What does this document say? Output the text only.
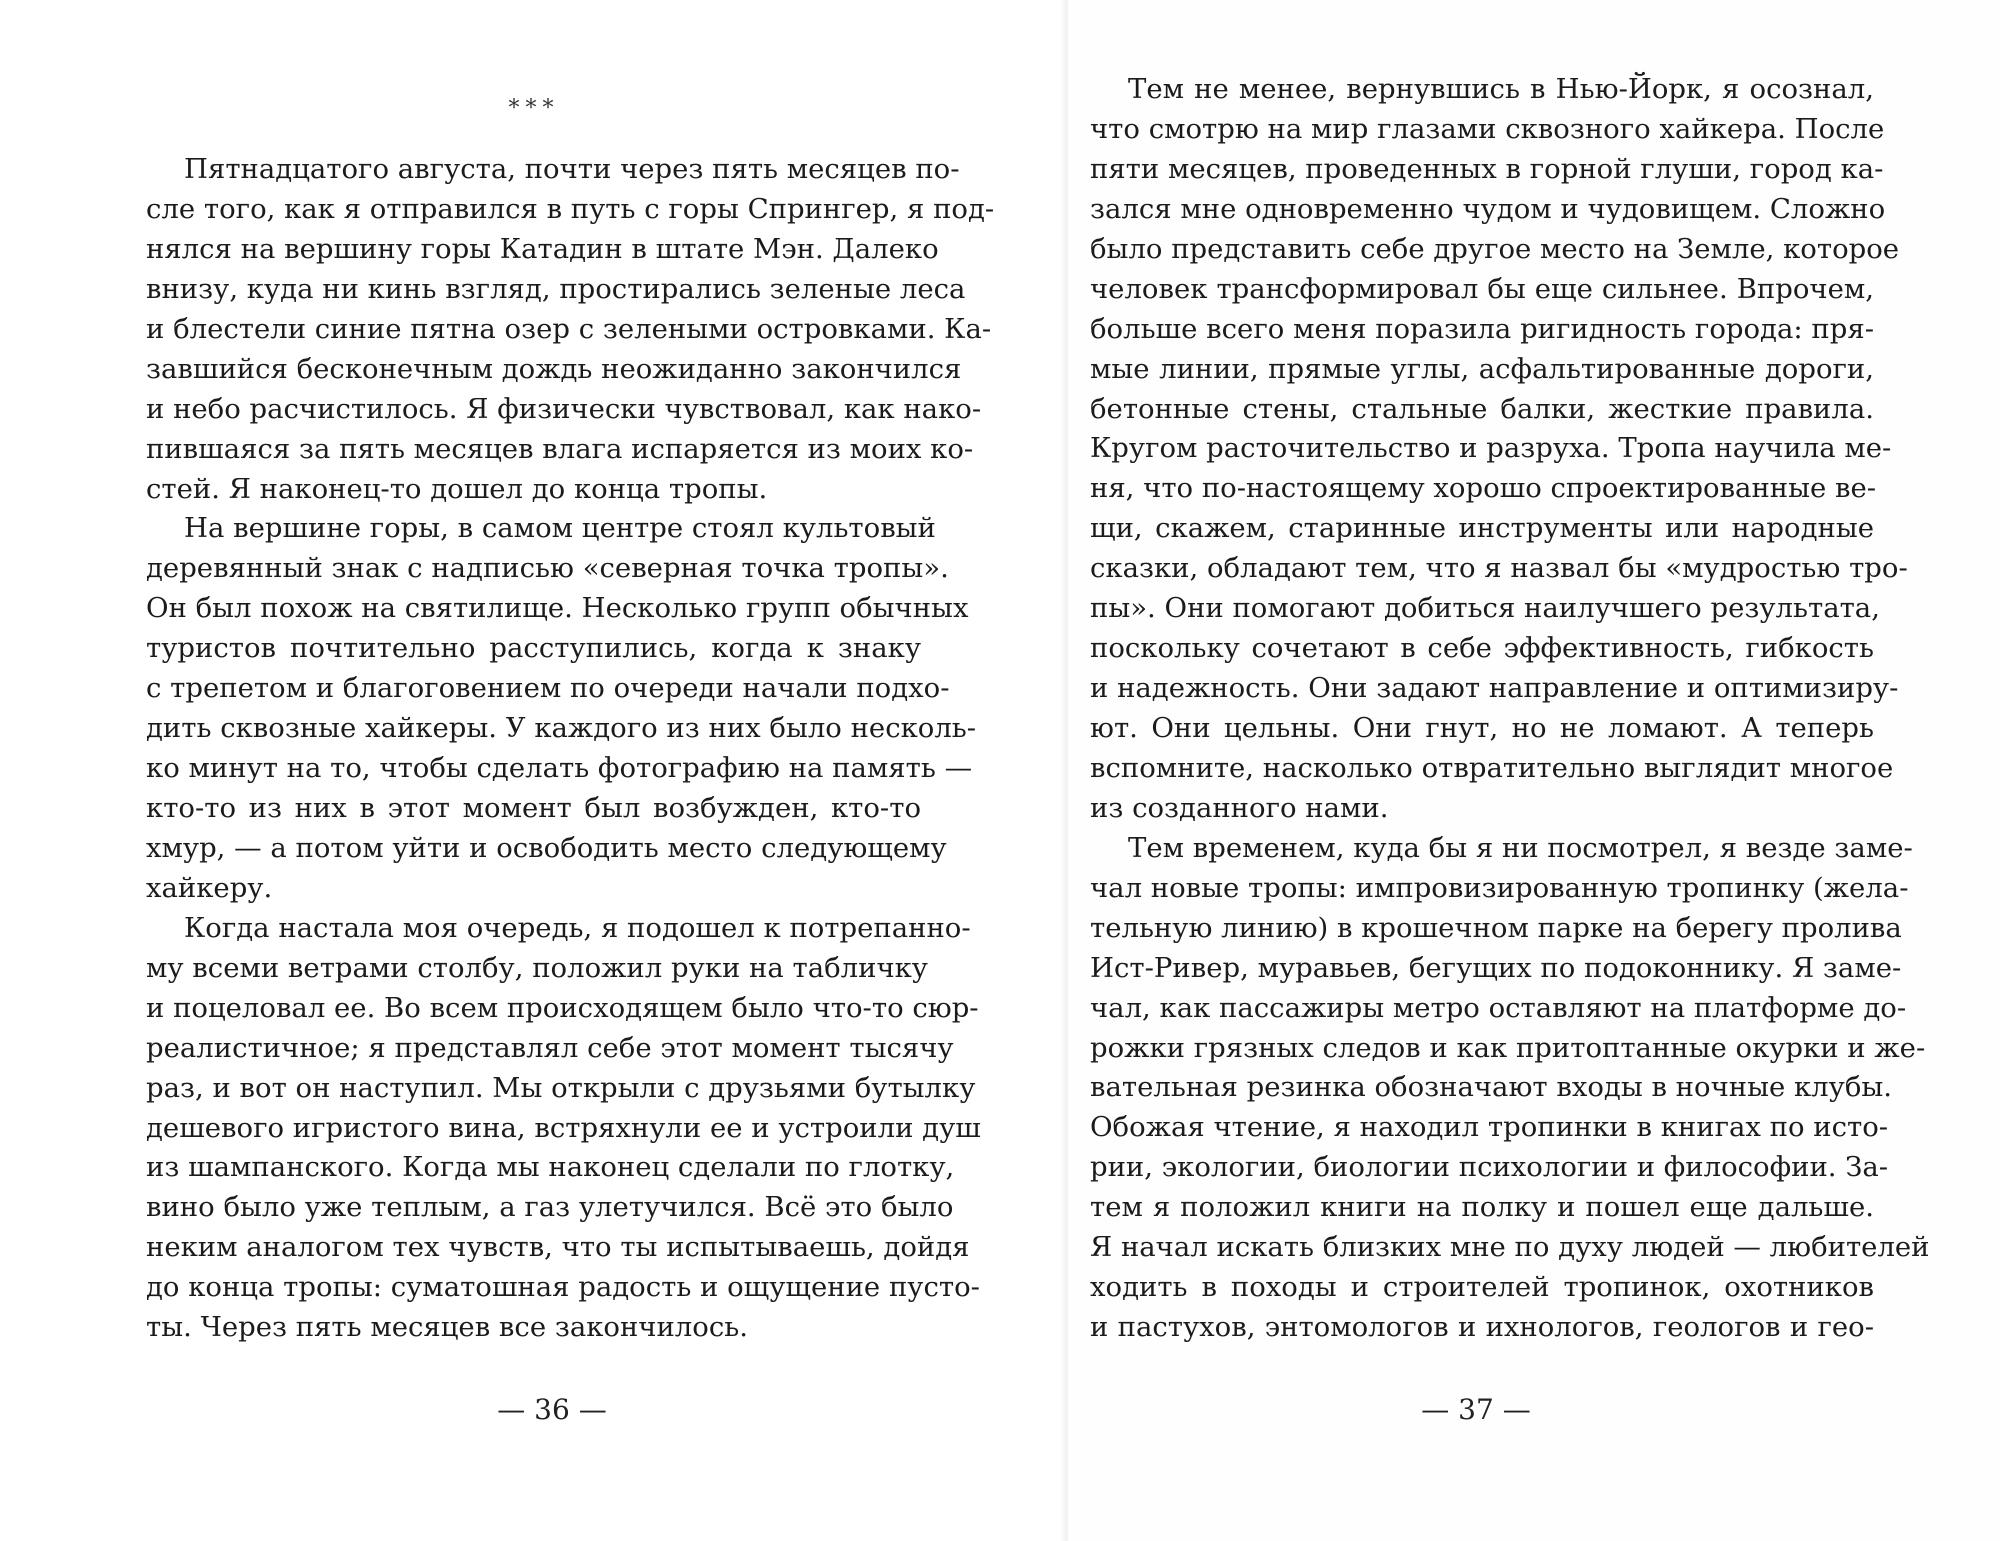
***
Пятнадцатого августа, почти через пять месяцев по-
сле того, как я отправился в путь с горы Спрингер, я под-
нялся на вершину горы Катадин в штате Мэн. Далеко
внизу, куда ни кинь взгляд, простирались зеленые леса
и блестели синие пятна озер с зелеными островками. Ка-
завшийся бесконечным дождь неожиданно закончился
и небо расчистилось. Я физически чувствовал, как нако-
пившаяся за пять месяцев влага испаряется из моих ко-
стей. Я наконец-то дошел до конца тропы.
На вершине горы, в самом центре стоял культовый
деревянный знак с надписью «северная точка тропы».
Он был похож на святилище. Несколько групп обычных
туристов почтительно расступились, когда к знаку
с трепетом и благоговением по очереди начали подхо-
дить сквозные хайкеры. У каждого из них было несколь-
ко минут на то, чтобы сделать фотографию на память —
кто-то из них в этот момент был возбужден, кто-то
хмур, — а потом уйти и освободить место следующему
хайкеру.
Когда настала моя очередь, я подошел к потрепанно-
му всеми ветрами столбу, положил руки на табличку
и поцеловал ее. Во всем происходящем было что-то сюр-
реалистичное; я представлял себе этот момент тысячу
раз, и вот он наступил. Мы открыли с друзьями бутылку
дешевого игристого вина, встряхнули ее и устроили душ
из шампанского. Когда мы наконец сделали по глотку,
вино было уже теплым, а газ улетучился. Всё это было
неким аналогом тех чувств, что ты испытываешь, дойдя
до конца тропы: суматошная радость и ощущение пусто-
ты. Через пять месяцев все закончилось.
— 36 —
Тем не менее, вернувшись в Нью-Йорк, я осознал,
что смотрю на мир глазами сквозного хайкера. После
пяти месяцев, проведенных в горной глуши, город ка-
зался мне одновременно чудом и чудовищем. Сложно
было представить себе другое место на Земле, которое
человек трансформировал бы еще сильнее. Впрочем,
больше всего меня поразила ригидность города: пря-
мые линии, прямые углы, асфальтированные дороги,
бетонные стены, стальные балки, жесткие правила.
Кругом расточительство и разруха. Тропа научила ме-
ня, что по-настоящему хорошо спроектированные ве-
щи, скажем, старинные инструменты или народные
сказки, обладают тем, что я назвал бы «мудростью тро-
пы». Они помогают добиться наилучшего результата,
поскольку сочетают в себе эффективность, гибкость
и надежность. Они задают направление и оптимизиру-
ют. Они цельны. Они гнут, но не ломают. А теперь
вспомните, насколько отвратительно выглядит многое
из созданного нами.
Тем временем, куда бы я ни посмотрел, я везде заме-
чал новые тропы: импровизированную тропинку (жела-
тельную линию) в крошечном парке на берегу пролива
Ист-Ривер, муравьев, бегущих по подоконнику. Я заме-
чал, как пассажиры метро оставляют на платформе до-
рожки грязных следов и как притоптанные окурки и же-
вательная резинка обозначают входы в ночные клубы.
Обожая чтение, я находил тропинки в книгах по исто-
рии, экологии, биологии психологии и философии. За-
тем я положил книги на полку и пошел еще дальше.
Я начал искать близких мне по духу людей — любителей
ходить в походы и строителей тропинок, охотников
и пастухов, энтомологов и ихнологов, геологов и гео-
— 37 —
